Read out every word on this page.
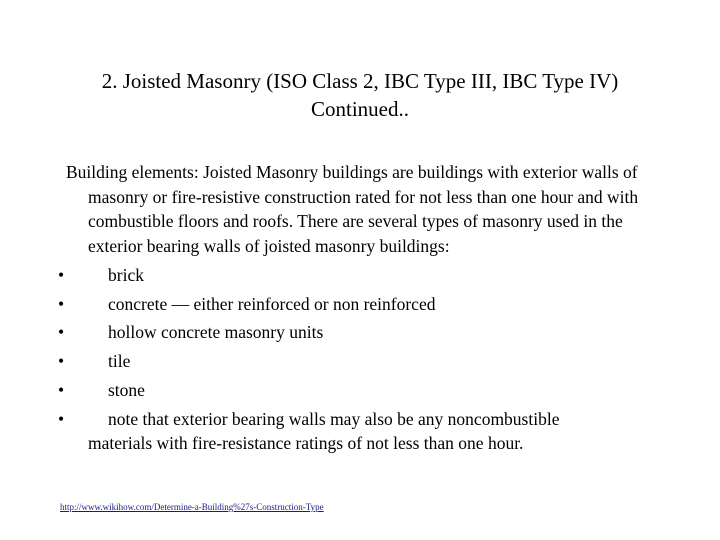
2. Joisted Masonry (ISO Class 2, IBC Type III, IBC Type IV)
Continued..

Building elements: Joisted Masonry buildings are buildings with exterior walls of masonry or fire-resistive construction rated for not less than one hour and with combustible floors and roofs. There are several types of masonry used in the exterior bearing walls of joisted masonry buildings:

•	brick
•	concrete — either reinforced or non reinforced
•	hollow concrete masonry units
•	tile
•	stone
•	note that exterior bearing walls may also be any noncombustible
materials with fire-resistance ratings of not less than one hour.
http://www.wikihow.com/Determine-a-Building%27s-Construction-Type
